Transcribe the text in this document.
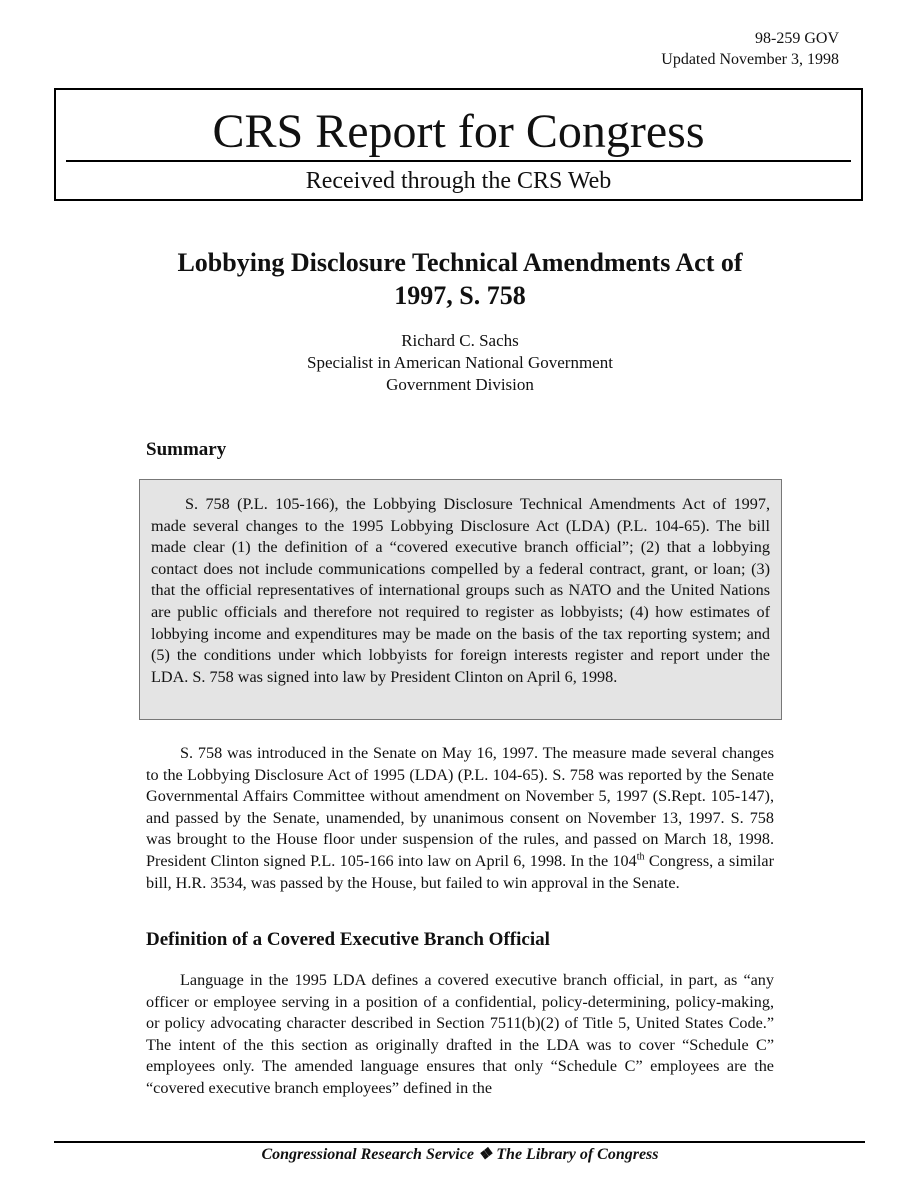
98-259 GOV
Updated November 3, 1998
CRS Report for Congress
Received through the CRS Web
Lobbying Disclosure Technical Amendments Act of 1997, S. 758
Richard C. Sachs
Specialist in American National Government
Government Division
Summary

S. 758 (P.L. 105-166), the Lobbying Disclosure Technical Amendments Act of 1997, made several changes to the 1995 Lobbying Disclosure Act (LDA) (P.L. 104-65). The bill made clear (1) the definition of a “covered executive branch official”; (2) that a lobbying contact does not include communications compelled by a federal contract, grant, or loan; (3) that the official representatives of international groups such as NATO and the United Nations are public officials and therefore not required to register as lobbyists; (4) how estimates of lobbying income and expenditures may be made on the basis of the tax reporting system; and (5) the conditions under which lobbyists for foreign interests register and report under the LDA. S. 758 was signed into law by President Clinton on April 6, 1998.

S. 758 was introduced in the Senate on May 16, 1997. The measure made several changes to the Lobbying Disclosure Act of 1995 (LDA) (P.L. 104-65). S. 758 was reported by the Senate Governmental Affairs Committee without amendment on November 5, 1997 (S.Rept. 105-147), and passed by the Senate, unamended, by unanimous consent on November 13, 1997. S. 758 was brought to the House floor under suspension of the rules, and passed on March 18, 1998. President Clinton signed P.L. 105-166 into law on April 6, 1998. In the 104th Congress, a similar bill, H.R. 3534, was passed by the House, but failed to win approval in the Senate.

Definition of a Covered Executive Branch Official

Language in the 1995 LDA defines a covered executive branch official, in part, as “any officer or employee serving in a position of a confidential, policy-determining, policy-making, or policy advocating character described in Section 7511(b)(2) of Title 5, United States Code.” The intent of the this section as originally drafted in the LDA was to cover “Schedule C” employees only. The amended language ensures that only “Schedule C” employees are the “covered executive branch employees” defined in the

Congressional Research Service ❖ The Library of Congress
